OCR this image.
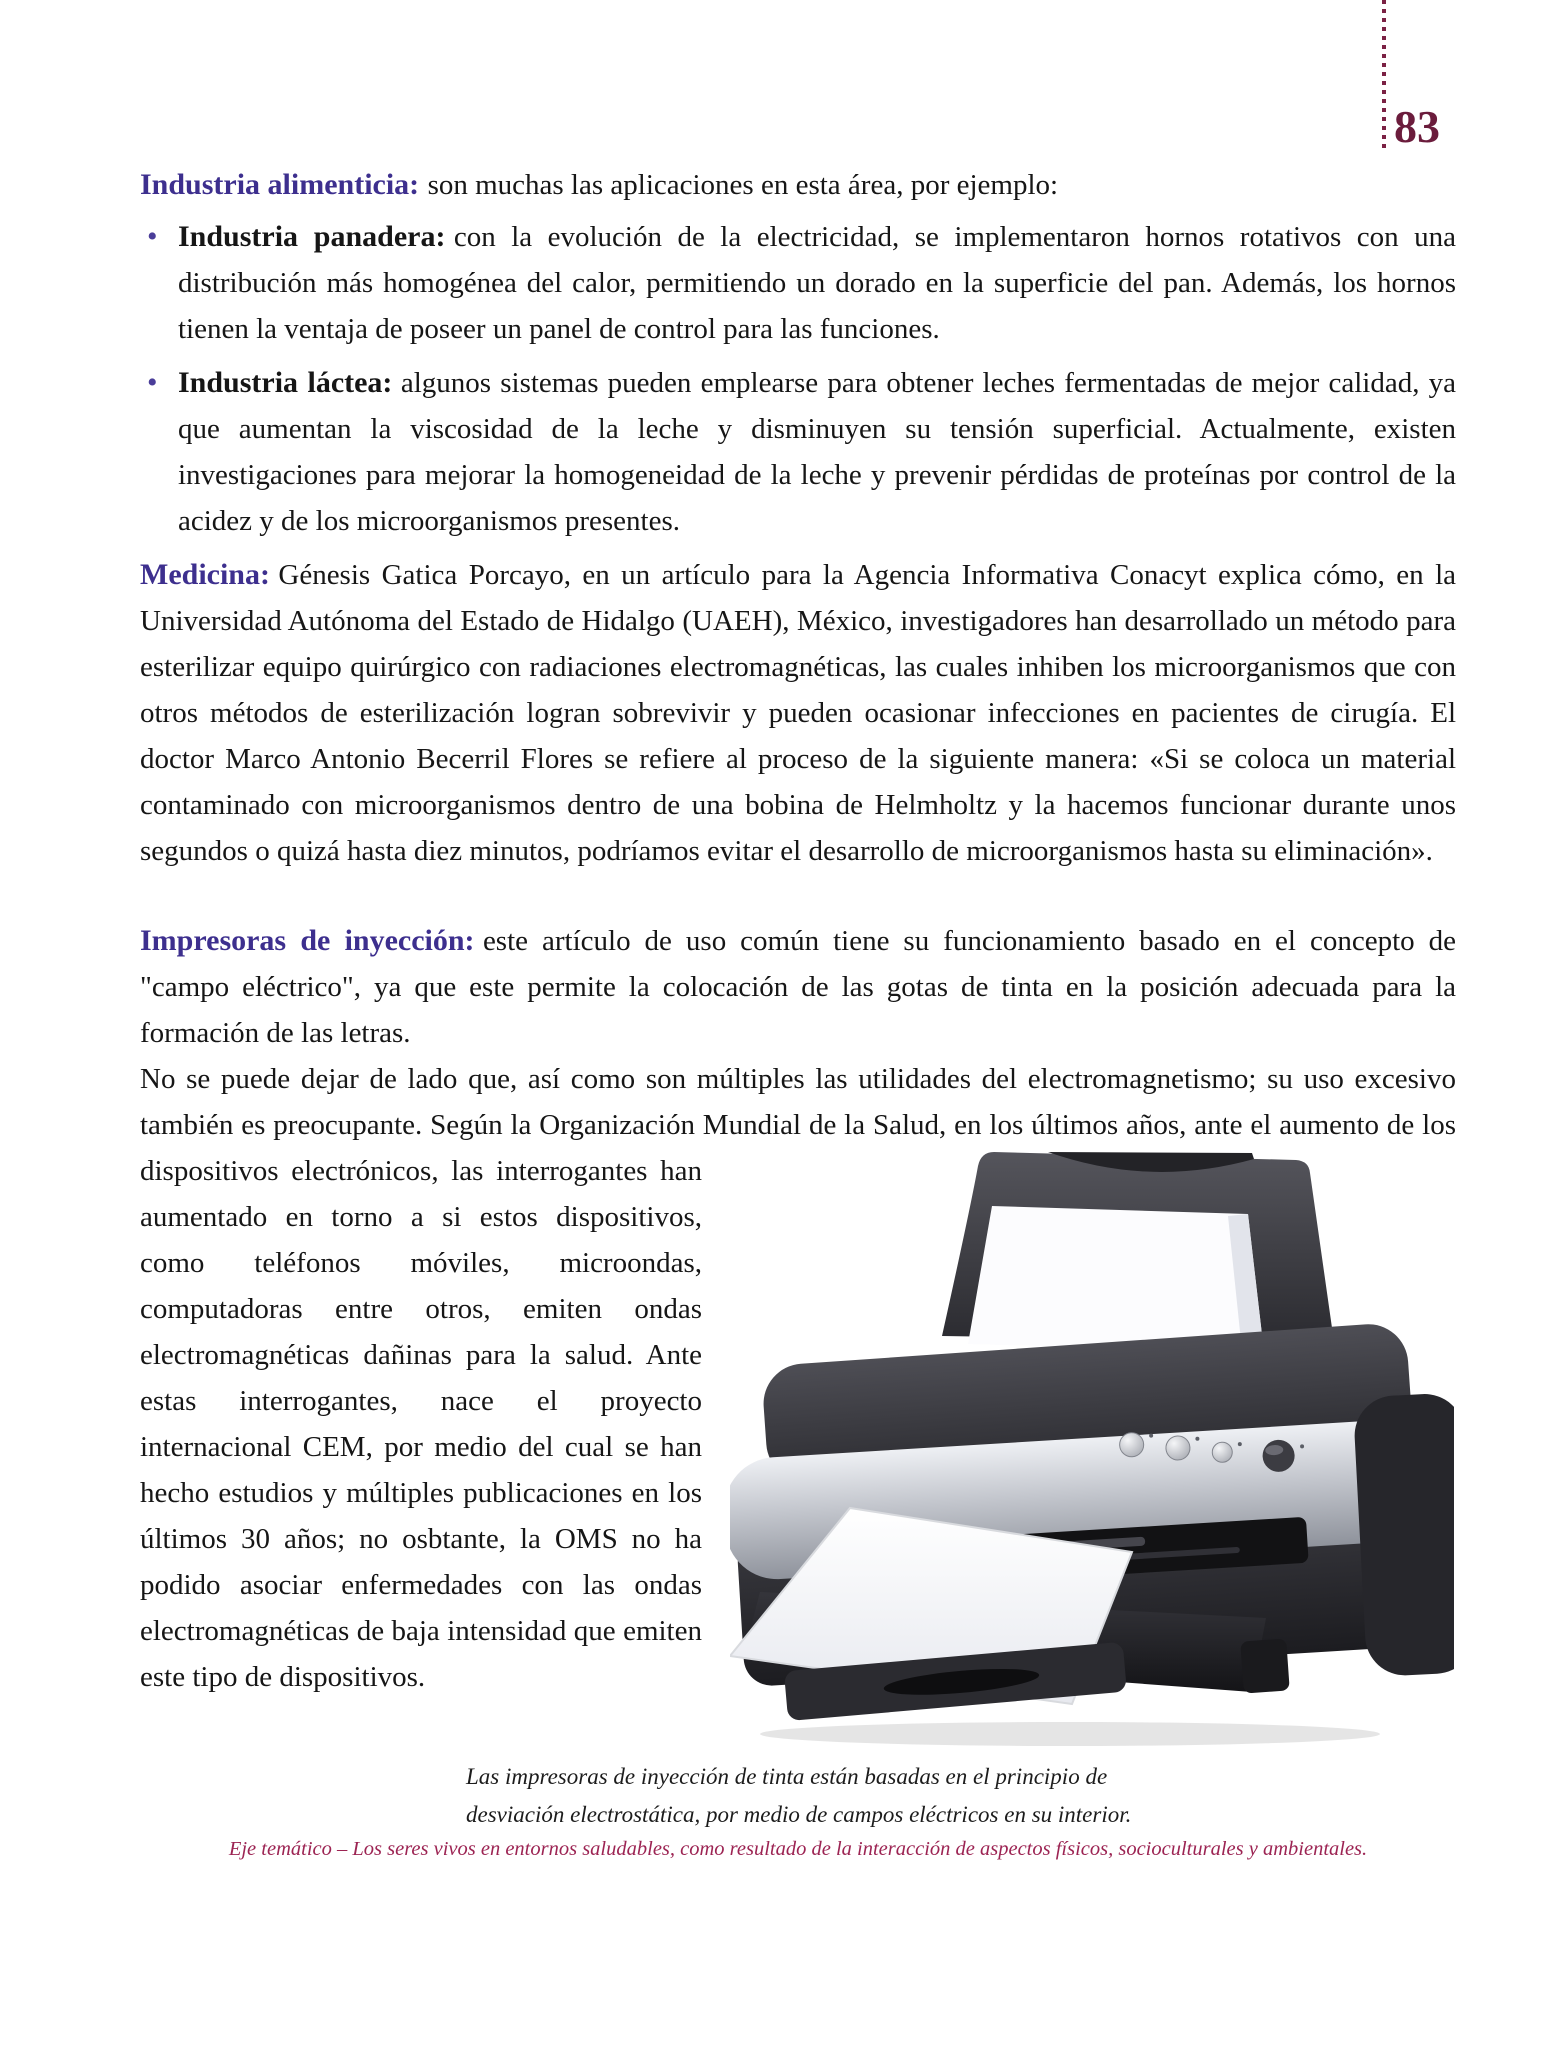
83

Industria alimenticia: son muchas las aplicaciones en esta área, por ejemplo:

• Industria panadera: con la evolución de la electricidad, se implementaron hornos rotativos con una distribución más homogénea del calor, permitiendo un dorado en la superficie del pan. Además, los hornos tienen la ventaja de poseer un panel de control para las funciones.

• Industria láctea: algunos sistemas pueden emplearse para obtener leches fermentadas de mejor calidad, ya que aumentan la viscosidad de la leche y disminuyen su tensión superficial. Actualmente, existen investigaciones para mejorar la homogeneidad de la leche y prevenir pérdidas de proteínas por control de la acidez y de los microorganismos presentes.

Medicina: Génesis Gatica Porcayo, en un artículo para la Agencia Informativa Conacyt explica cómo, en la Universidad Autónoma del Estado de Hidalgo (UAEH), México, investigadores han desarrollado un método para esterilizar equipo quirúrgico con radiaciones electromagnéticas, las cuales inhiben los microorganismos que con otros métodos de esterilización logran sobrevivir y pueden ocasionar infecciones en pacientes de cirugía. El doctor Marco Antonio Becerril Flores se refiere al proceso de la siguiente manera: «Si se coloca un material contaminado con microorganismos dentro de una bobina de Helmholtz y la hacemos funcionar durante unos segundos o quizá hasta diez minutos, podríamos evitar el desarrollo de microorganismos hasta su eliminación».

Impresoras de inyección: este artículo de uso común tiene su funcionamiento basado en el concepto de "campo eléctrico", ya que este permite la colocación de las gotas de tinta en la posición adecuada para la formación de las letras.

No se puede dejar de lado que, así como son múltiples las utilidades del electromagnetismo; su uso excesivo también es preocupante. Según la Organización Mundial de la Salud, en
Las impresoras de inyección de tinta están basadas en el principio de desviación electrostática, por medio de campos eléctricos en su interior.
los últimos años, ante el aumento de los dispositivos electrónicos, las interrogantes han aumentado en torno a si estos dispositivos, como teléfonos móviles, microondas, computadoras entre otros, emiten ondas electromagnéticas dañinas para la salud. Ante estas interrogantes, nace el proyecto internacional CEM, por medio del cual se han hecho estudios y múltiples publicaciones en los últimos 30 años; no osbtante, la OMS no ha podido asociar enfermedades con las ondas electromagnéticas de baja intensidad que emiten este tipo de dispositivos.

Eje temático – Los seres vivos en entornos saludables, como resultado de la interacción de aspectos físicos, socioculturales y ambientales.
